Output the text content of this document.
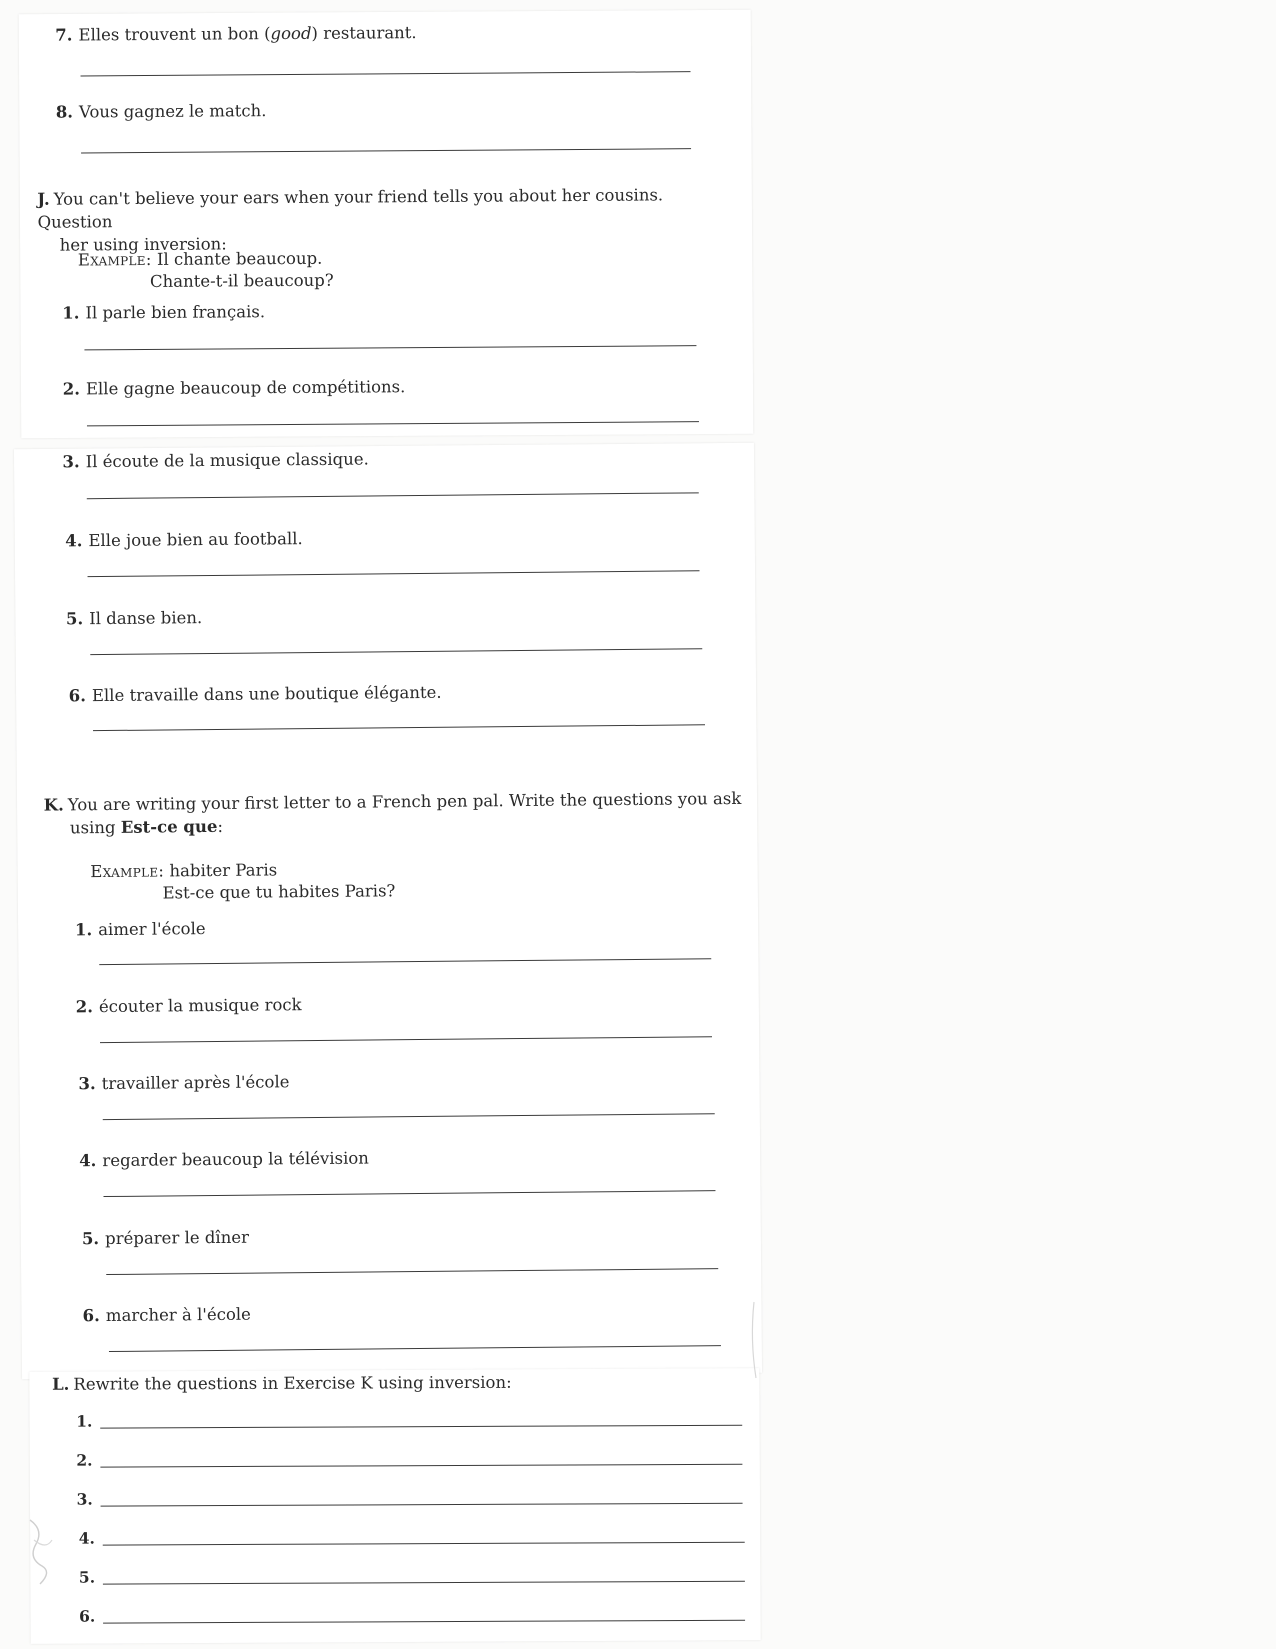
7. Elles trouvent un bon (good) restaurant.
8. Vous gagnez le match.
J. You can't believe your ears when your friend tells you about her cousins. Question
her using inversion:
Example: Il chante beaucoup.
Chante-t-il beaucoup?
1. Il parle bien français.
2. Elle gagne beaucoup de compétitions.
3. Il écoute de la musique classique.
4. Elle joue bien au football.
5. Il danse bien.
6. Elle travaille dans une boutique élégante.
K. You are writing your first letter to a French pen pal. Write the questions you ask
using Est-ce que:
Example: habiter Paris
Est-ce que tu habites Paris?
1. aimer l'école
2. écouter la musique rock
3. travailler après l'école
4. regarder beaucoup la télévision
5. préparer le dîner
6. marcher à l'école
L. Rewrite the questions in Exercise K using inversion:
1.
2.
3.
4.
5.
6.
